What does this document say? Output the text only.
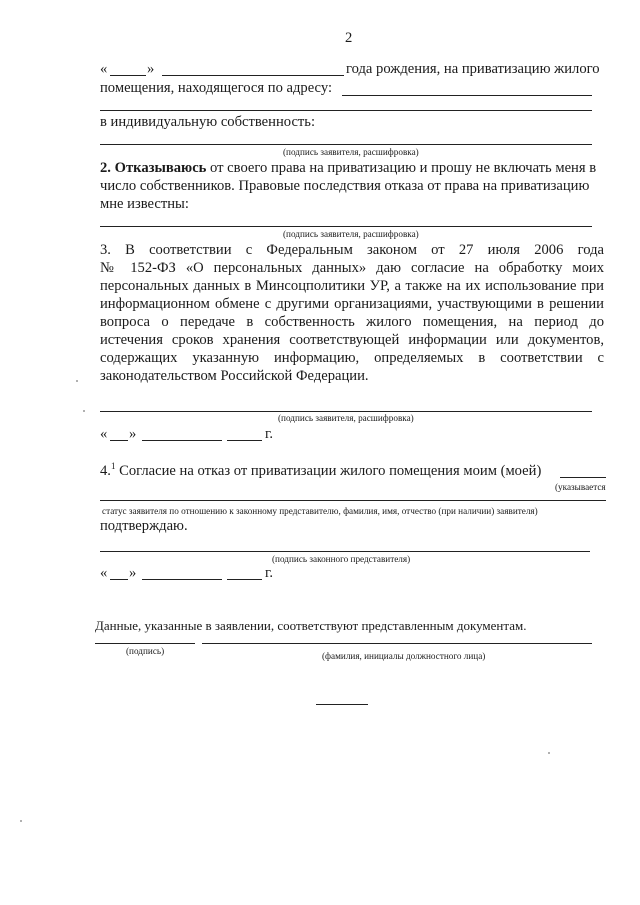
2
«	»	года рождения, на приватизацию жилого
помещения, находящегося по адресу:
в индивидуальную собственность:
(подпись заявителя, расшифровка)
2. Отказываюсь от своего права на приватизацию и прошу не включать меня в
число собственников. Правовые последствия отказа от права на приватизацию
мне известны:
(подпись заявителя, расшифровка)
3. В соответствии с Федеральным законом от 27 июля 2006 года
№ 152-ФЗ «О персональных данных» даю согласие на обработку моих
персональных данных в Минсоцполитики УР, а также на их использование при
информационном обмене с другими организациями, участвующими в решении
вопроса о передаче в собственность жилого помещения, на период до
истечения сроков хранения соответствующей информации или документов,
содержащих указанную информацию, определяемых в соответствии с
законодательством Российской Федерации.
(подпись заявителя, расшифровка)
« »	г.
4.$^1$ Согласие на отказ от приватизации жилого помещения моим (моей)
(указывается
статус заявителя по отношению к законному представителю, фамилия, имя, отчество (при наличии) заявителя)
подтверждаю.
(подпись законного представителя)
« »	г.
Данные, указанные в заявлении, соответствуют представленным документам.
(подпись)	(фамилия, инициалы должностного лица)
